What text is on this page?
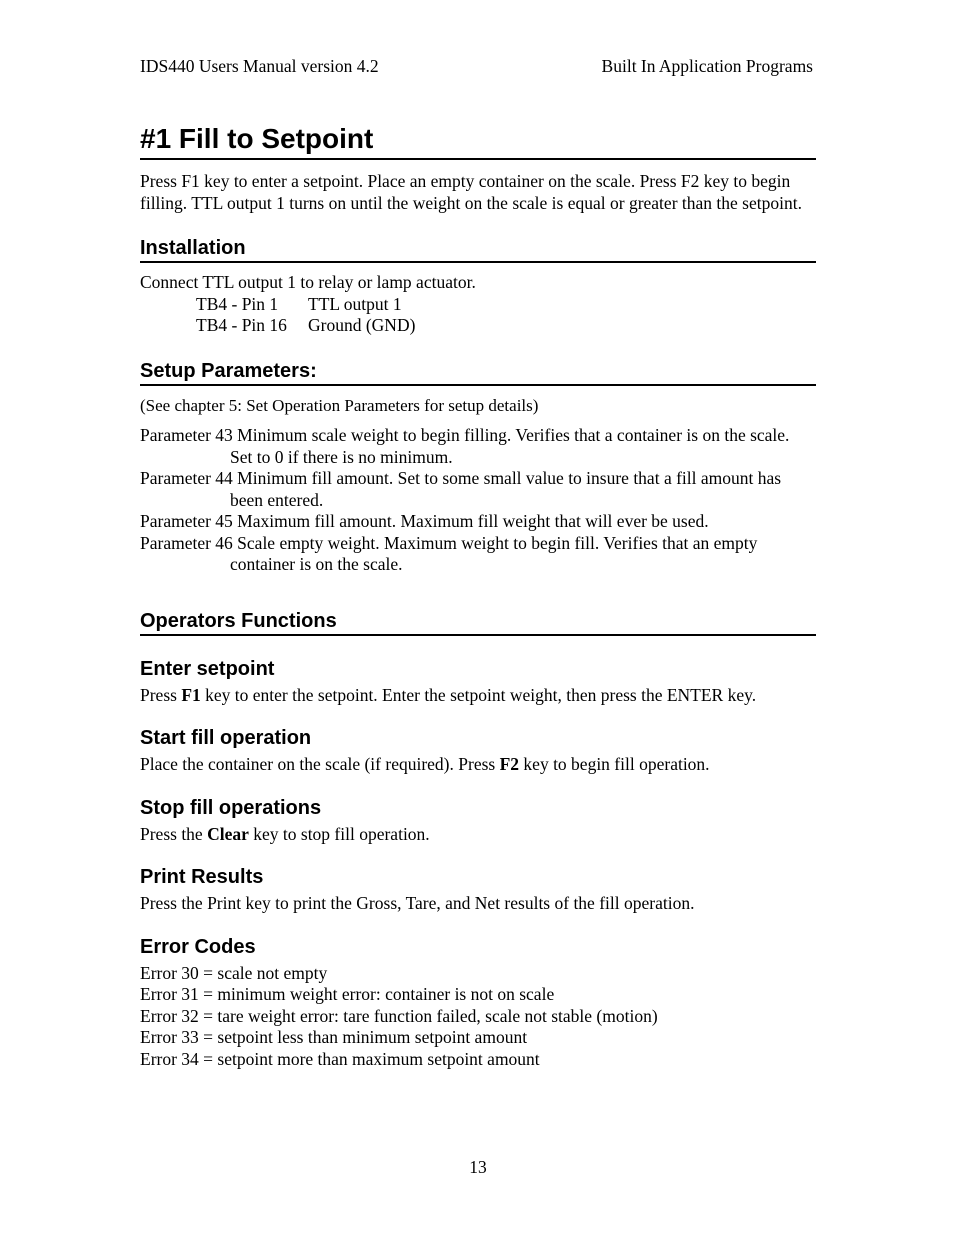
IDS440 Users Manual version 4.2	Built In Application Programs
#1 Fill to Setpoint

Press F1 key to enter a setpoint. Place an empty container on the scale. Press F2 key to begin filling. TTL output 1 turns on until the weight on the scale is equal or greater than the setpoint.

Installation

Connect TTL output 1 to relay or lamp actuator.

TB4 - Pin 1 TTL output 1

TB4 - Pin 16 Ground (GND)

Setup Parameters:

(See chapter 5: Set Operation Parameters for setup details)

Parameter 43 Minimum scale weight to begin filling. Verifies that a container is on the scale. Set to 0 if there is no minimum.

Parameter 44 Minimum fill amount. Set to some small value to insure that a fill amount has been entered.

Parameter 45 Maximum fill amount. Maximum fill weight that will ever be used.

Parameter 46 Scale empty weight. Maximum weight to begin fill. Verifies that an empty container is on the scale.

Operators Functions
Enter setpoint

Press F1 key to enter the setpoint. Enter the setpoint weight, then press the ENTER key.

Start fill operation

Place the container on the scale (if required). Press F2 key to begin fill operation.

Stop fill operations

Press the Clear key to stop fill operation.

Print Results

Press the Print key to print the Gross, Tare, and Net results of the fill operation.

Error Codes

Error 30 = scale not empty

Error 31 = minimum weight error: container is not on scale

Error 32 = tare weight error: tare function failed, scale not stable (motion)

Error 33 = setpoint less than minimum setpoint amount

Error 34 = setpoint more than maximum setpoint amount

13
